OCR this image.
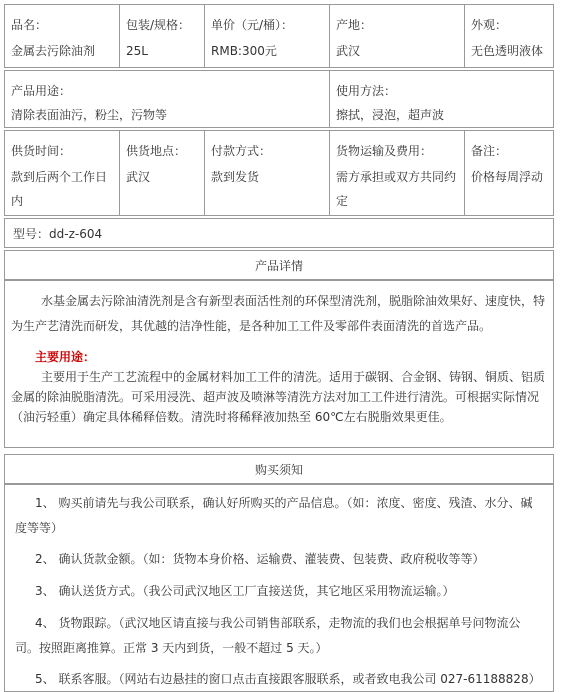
品名：
金属去污除油剂
包装/规格：
25L
单价（元/桶）：
RMB:300元
产地：
武汉
外观：
无色透明液体
产品用途：
清除表面油污，粉尘，污物等
使用方法：
擦拭，浸泡，超声波
供货时间：
款到后两个工作日内
供货地点：
武汉
付款方式：
款到发货
货物运输及费用：
需方承担或双方共同约定
备注：
价格每周浮动
型号： dd-z-604
产品详情
水基金属去污除油清洗剂是含有新型表面活性剂的环保型清洗剂，脱脂除油效果好、速度快，特为生产艺清洗而研发，其优越的洁净性能，是各种加工工件及零部件表面清洗的首选产品。
主要用途：
主要用于生产工艺流程中的金属材料加工工件的清洗。适用于碳钢、合金钢、铸钢、铜质、铝质金属的除油脱脂清洗。可采用浸洗、超声波及喷淋等清洗方法对加工工件进行清洗。可根据实际情况（油污轻重）确定具体稀释倍数。清洗时将稀释液加热至 60℃左右脱脂效果更佳。
购买须知
1、 购买前请先与我公司联系，确认好所购买的产品信息。（如：浓度、密度、残渣、水分、碱度等等）
2、 确认货款金额。（如：货物本身价格、运输费、灌装费、包装费、政府税收等等）
3、 确认送货方式。（我公司武汉地区工厂直接送货，其它地区采用物流运输。）
4、 货物跟踪。（武汉地区请直接与我公司销售部联系，走物流的我们也会根据单号问物流公司。按照距离推算。正常 3 天内到货，一般不超过 5 天。）
5、 联系客服。（网站右边悬挂的窗口点击直接跟客服联系，或者致电我公司 027-61188828）
